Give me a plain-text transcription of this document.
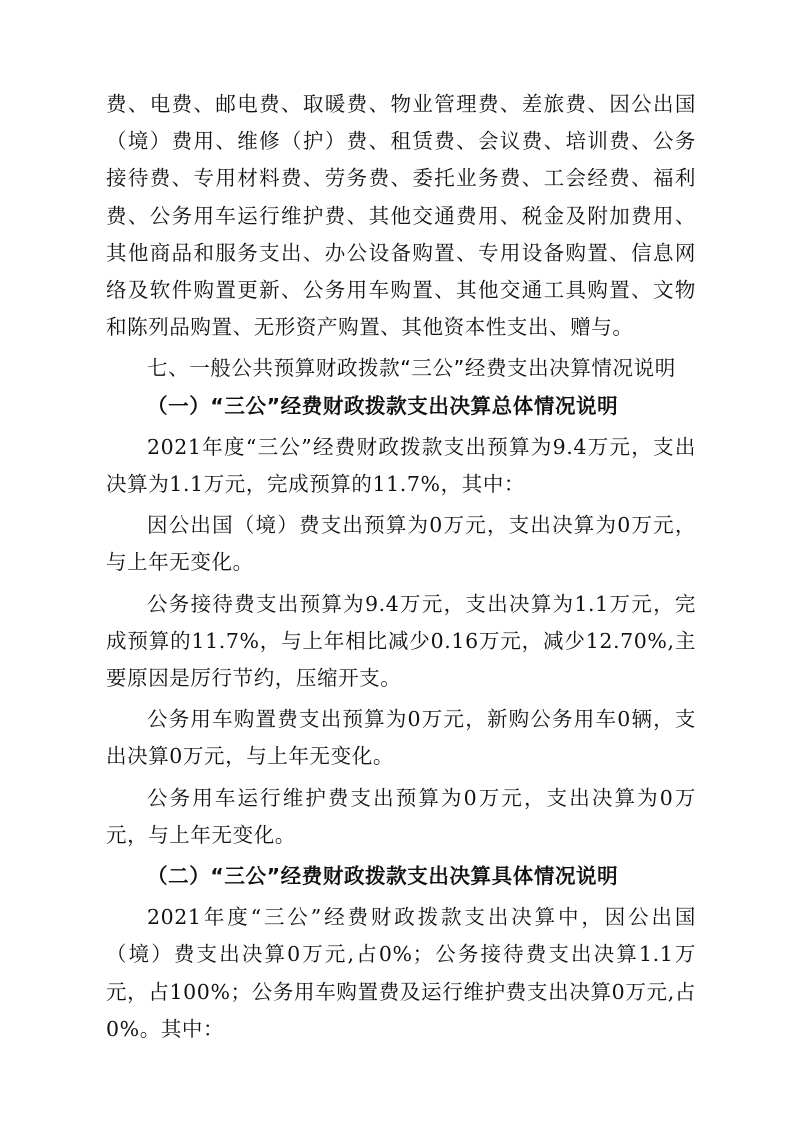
费、电费、邮电费、取暖费、物业管理费、差旅费、因公出国（境）费用、维修（护）费、租赁费、会议费、培训费、公务接待费、专用材料费、劳务费、委托业务费、工会经费、福利费、公务用车运行维护费、其他交通费用、税金及附加费用、其他商品和服务支出、办公设备购置、专用设备购置、信息网络及软件购置更新、公务用车购置、其他交通工具购置、文物和陈列品购置、无形资产购置、其他资本性支出、赠与。

七、一般公共预算财政拨款“三公”经费支出决算情况说明

（一）“三公”经费财政拨款支出决算总体情况说明

2021年度“三公”经费财政拨款支出预算为9.4万元，支出决算为1.1万元，完成预算的11.7%，其中：

因公出国（境）费支出预算为0万元，支出决算为0万元，与上年无变化。

公务接待费支出预算为9.4万元，支出决算为1.1万元，完成预算的11.7%，与上年相比减少0.16万元，减少12.70%,主要原因是厉行节约，压缩开支。

公务用车购置费支出预算为0万元，新购公务用车0辆，支出决算0万元，与上年无变化。

公务用车运行维护费支出预算为0万元，支出决算为0万元，与上年无变化。

（二）“三公”经费财政拨款支出决算具体情况说明

2021年度“三公”经费财政拨款支出决算中，因公出国（境）费支出决算0万元,占0%；公务接待费支出决算1.1万元，占100%；公务用车购置费及运行维护费支出决算0万元,占0%。其中：
